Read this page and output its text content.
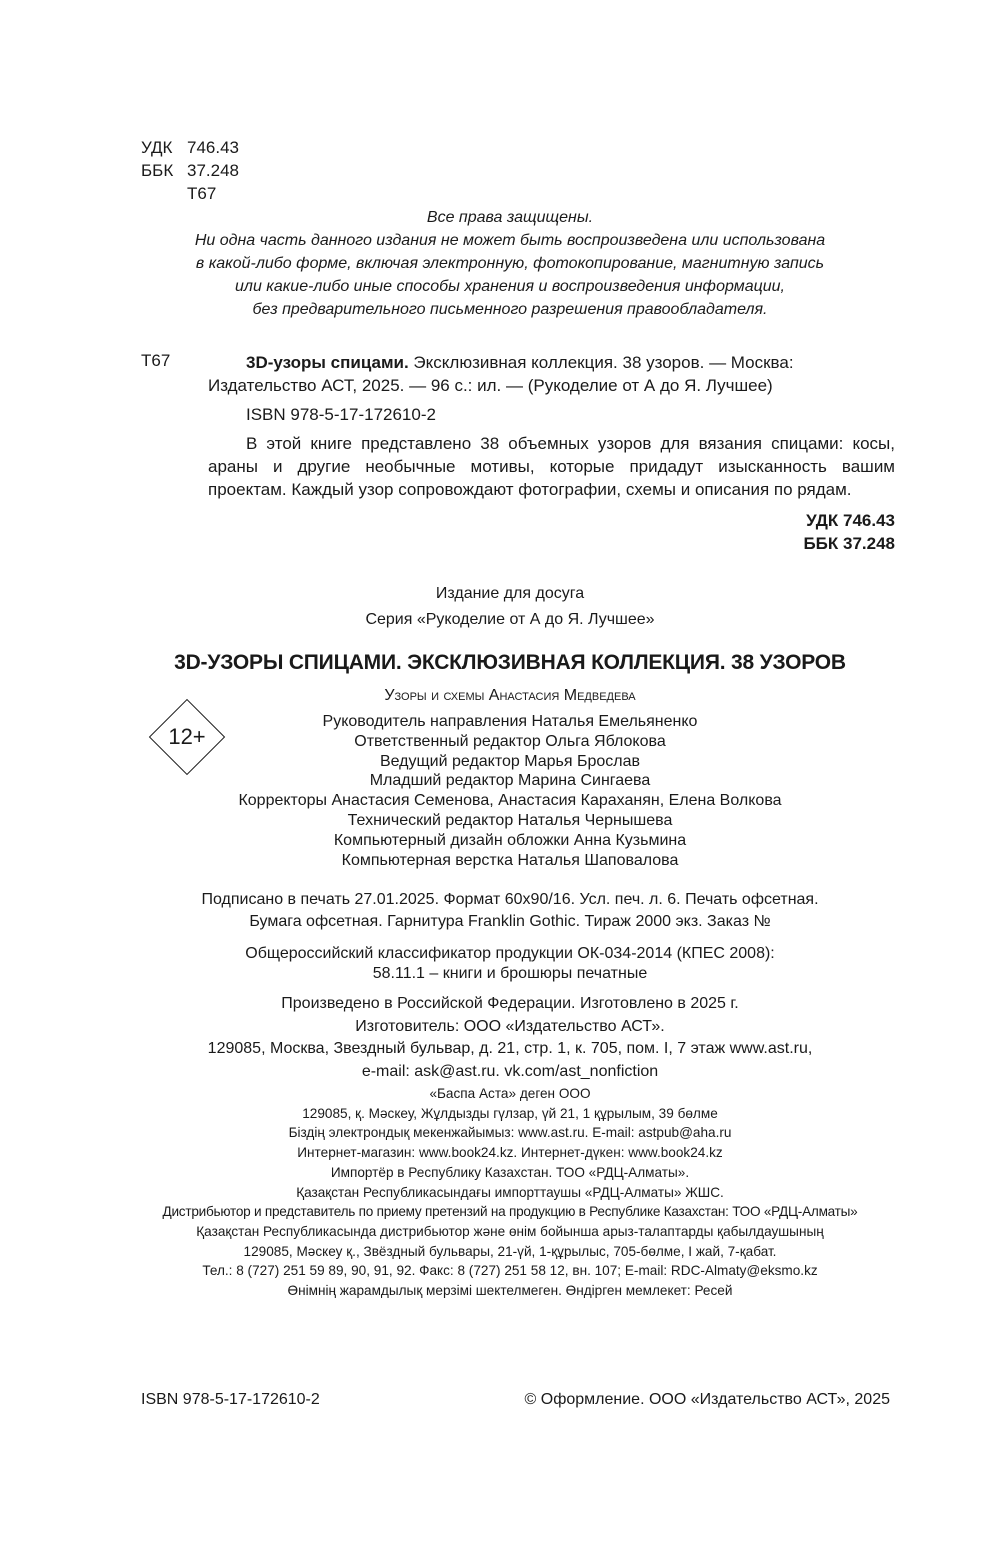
УДК 746.43
ББК 37.248
Т67
Все права защищены.
Ни одна часть данного издания не может быть воспроизведена или использована
в какой-либо форме, включая электронную, фотокопирование, магнитную запись
или какие-либо иные способы хранения и воспроизведения информации,
без предварительного письменного разрешения правообладателя.
Т67	3D-узоры спицами. Эксклюзивная коллекция. 38 узоров. — Москва:
Издательство АСТ, 2025. — 96 с.: ил. — (Рукоделие от А до Я. Лучшее)
ISBN 978-5-17-172610-2
В этой книге представлено 38 объемных узоров для вязания спицами: косы, араны и другие необычные мотивы, которые придадут изысканность вашим проектам. Каждый узор сопровождают фотографии, схемы и описания по рядам.
УДК 746.43
ББК 37.248
Издание для досуга
Серия «Рукоделие от А до Я. Лучшее»
3D-УЗОРЫ СПИЦАМИ. ЭКСКЛЮЗИВНАЯ КОЛЛЕКЦИЯ. 38 УЗОРОВ
Узоры и схемы Анастасия Медведева
12+
Руководитель направления Наталья Емельяненко
Ответственный редактор Ольга Яблокова
Ведущий редактор Марья Брослав
Младший редактор Марина Сингаева
Корректоры Анастасия Семенова, Анастасия Караханян, Елена Волкова
Технический редактор Наталья Чернышева
Компьютерный дизайн обложки Анна Кузьмина
Компьютерная верстка Наталья Шаповалова
Подписано в печать 27.01.2025. Формат 60х90/16. Усл. печ. л. 6. Печать офсетная.
Бумага офсетная. Гарнитура Franklin Gothic. Тираж 2000 экз. Заказ №
Общероссийский классификатор продукции ОК-034-2014 (КПЕС 2008):
58.11.1 – книги и брошюры печатные
Произведено в Российской Федерации. Изготовлено в 2025 г.
Изготовитель: ООО «Издательство АСТ».
129085, Москва, Звездный бульвар, д. 21, стр. 1, к. 705, пом. I, 7 этаж www.ast.ru,
e-mail: ask@ast.ru. vk.com/ast_nonfiction
«Баспа Аста» деген ООО
129085, қ. Мәскеу, Жұлдызды гүлзар, үй 21, 1 құрылым, 39 бөлме
Біздің электрондық мекенжайымыз: www.ast.ru. E-mail: astpub@aha.ru
Интернет-магазин: www.book24.kz. Интернет-дүкен: www.book24.kz
Импортёр в Республику Казахстан. ТОО «РДЦ-Алматы».
Қазақстан Республикасындағы импорттаушы «РДЦ-Алматы» ЖШС.
Дистрибьютор и представитель по приему претензий на продукцию в Республике Казахстан: ТОО «РДЦ-Алматы»
Қазақстан Республикасында дистрибьютор және өнім бойынша арыз-талаптарды қабылдаушының
129085, Мәскеу қ., Звёздный бульвары, 21-үй, 1-құрылыс, 705-бөлме, I жай, 7-қабат.
Тел.: 8 (727) 251 59 89, 90, 91, 92. Факс: 8 (727) 251 58 12, вн. 107; E-mail: RDC-Almaty@eksmo.kz
Өнімнің жарамдылық мерзімі шектелмеген. Өндірген мемлекет: Ресей
ISBN 978-5-17-172610-2	© Оформление. ООО «Издательство АСТ», 2025
